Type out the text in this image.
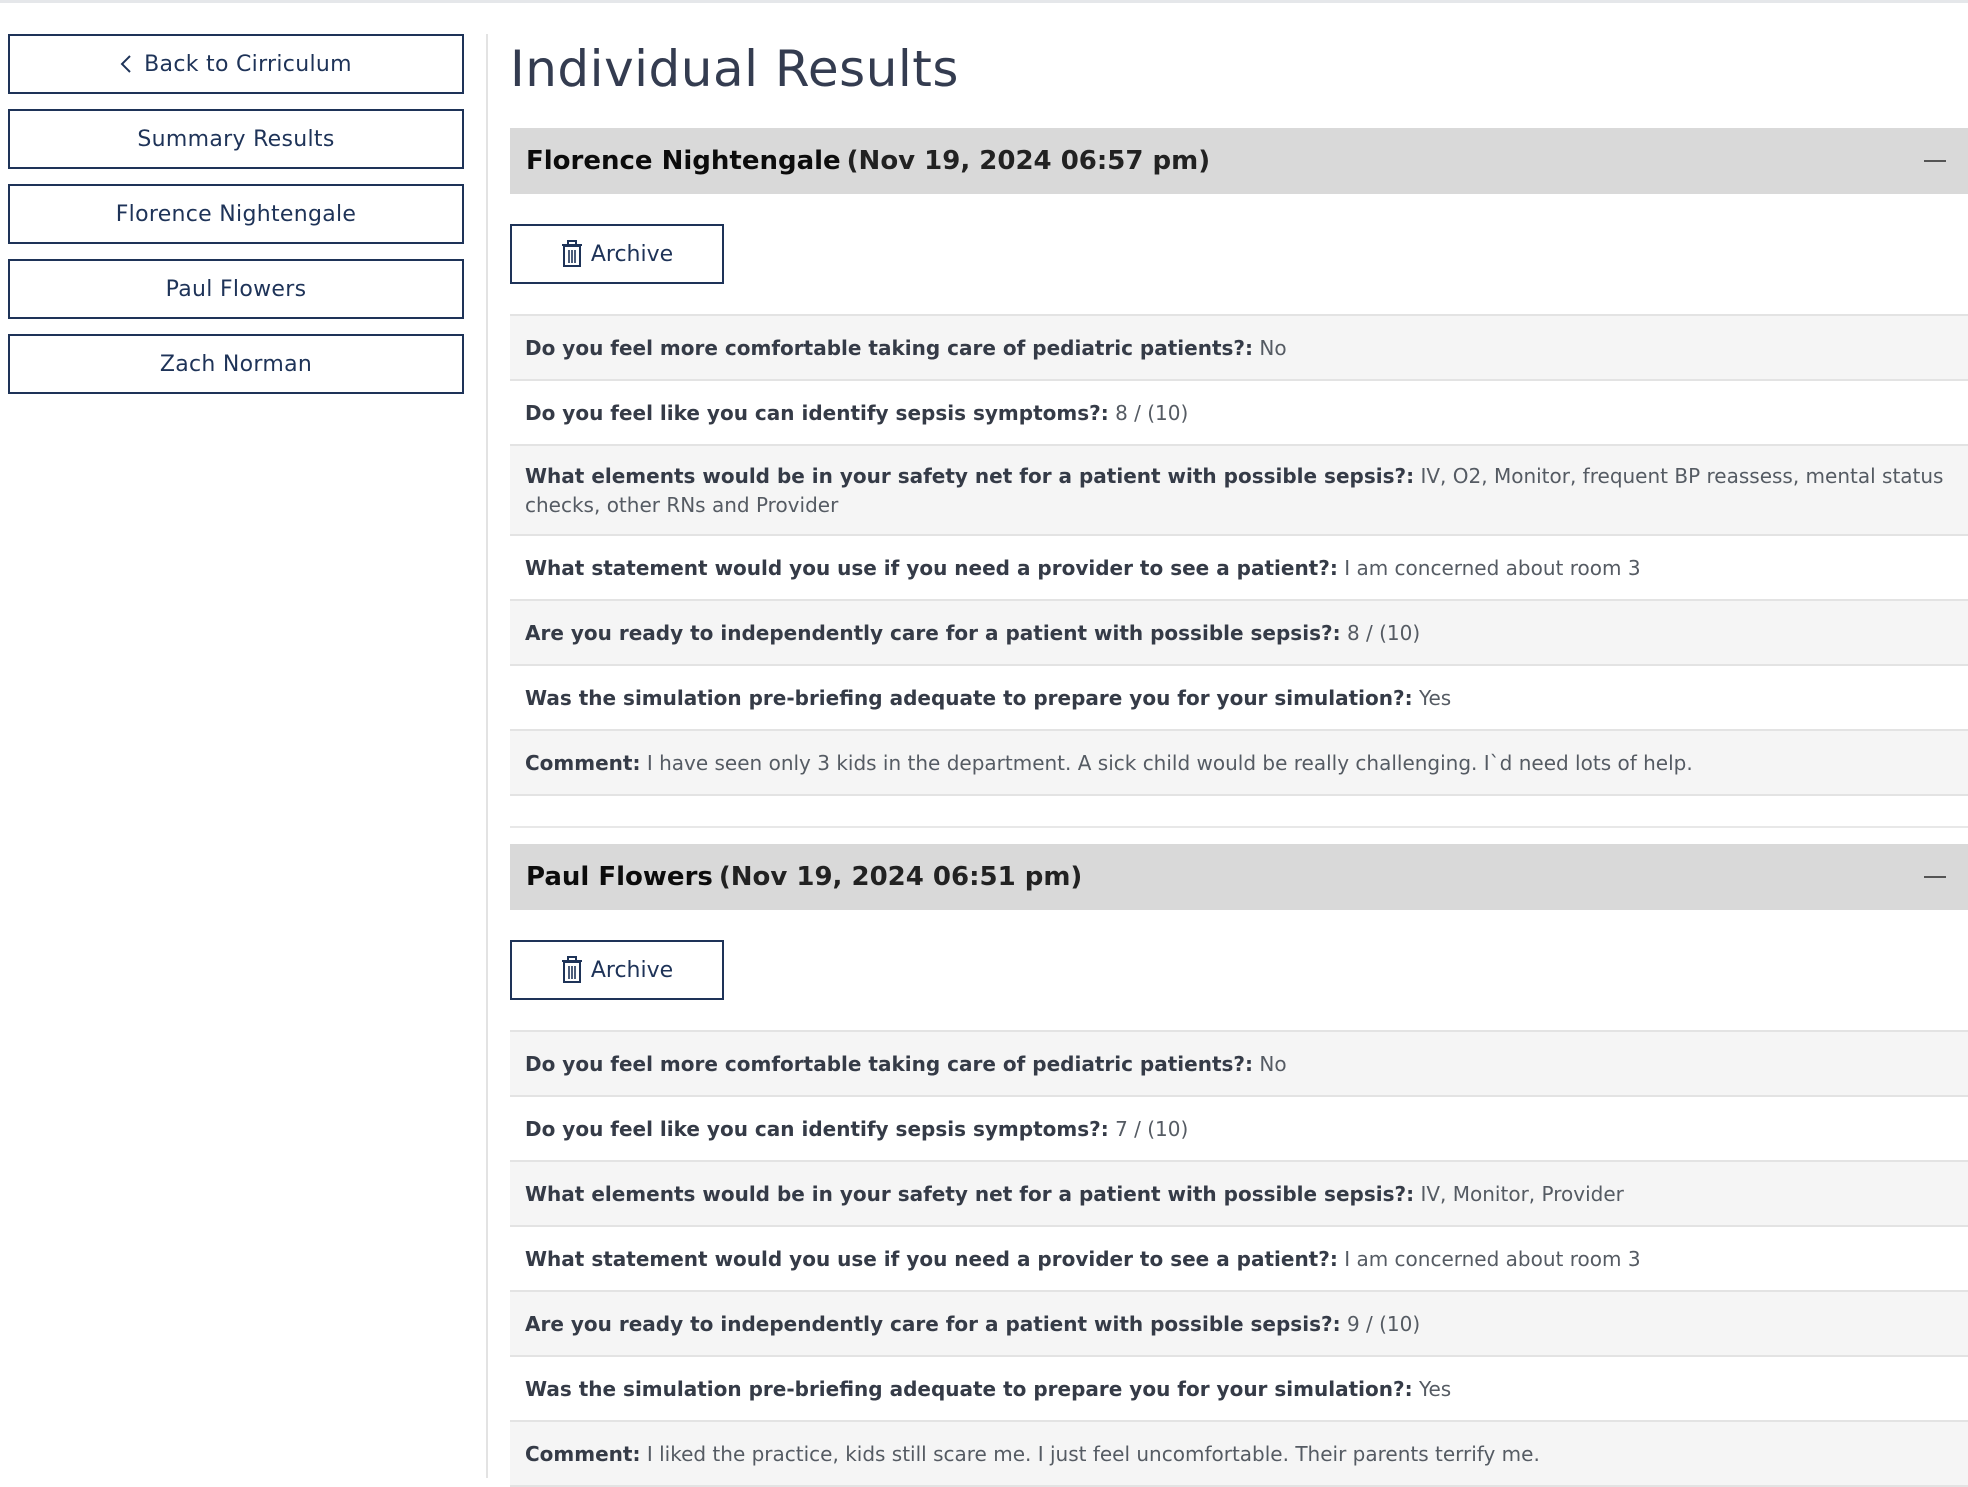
Back to Cirriculum
Summary Results
Florence Nightengale
Paul Flowers
Zach Norman
Individual Results
Florence Nightengale (Nov 19, 2024 06:57 pm)
Archive
Do you feel more comfortable taking care of pediatric patients?: No
Do you feel like you can identify sepsis symptoms?: 8 / (10)
What elements would be in your safety net for a patient with possible sepsis?: IV, O2, Monitor, frequent BP reassess, mental status checks, other RNs and Provider
What statement would you use if you need a provider to see a patient?: I am concerned about room 3
Are you ready to independently care for a patient with possible sepsis?: 8 / (10)
Was the simulation pre-briefing adequate to prepare you for your simulation?: Yes
Comment: I have seen only 3 kids in the department. A sick child would be really challenging. I`d need lots of help.
Paul Flowers (Nov 19, 2024 06:51 pm)
Archive
Do you feel more comfortable taking care of pediatric patients?: No
Do you feel like you can identify sepsis symptoms?: 7 / (10)
What elements would be in your safety net for a patient with possible sepsis?: IV, Monitor, Provider
What statement would you use if you need a provider to see a patient?: I am concerned about room 3
Are you ready to independently care for a patient with possible sepsis?: 9 / (10)
Was the simulation pre-briefing adequate to prepare you for your simulation?: Yes
Comment: I liked the practice, kids still scare me. I just feel uncomfortable. Their parents terrify me.
